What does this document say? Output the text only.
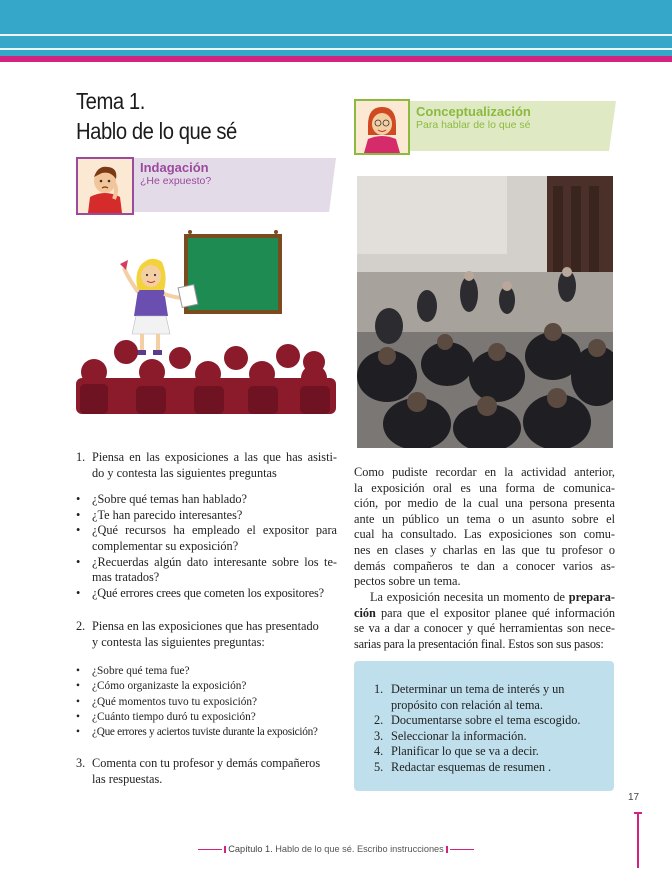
Tema 1.
Hablo de lo que sé
Indagación
¿He expuesto?
1. Piensa en las exposiciones a las que has asisti-
do y contesta las siguientes preguntas
• ¿Sobre qué temas han hablado?
• ¿Te han parecido interesantes?
• ¿Qué recursos ha empleado el expositor para
complementar su exposición?
• ¿Recuerdas algún dato interesante sobre los te-
mas tratados?
• ¿Qué errores crees que cometen los expositores?
2. Piensa en las exposiciones que has presentado
y contesta las siguientes preguntas:
• ¿Sobre qué tema fue?
• ¿Cómo organizaste la exposición?
• ¿Qué momentos tuvo tu exposición?
• ¿Cuánto tiempo duró tu exposición?
• ¿Que errores y aciertos tuviste durante la exposición?
3. Comenta con tu profesor y demás compañeros
las respuestas.
Conceptualización
Para hablar de lo que sé
Como pudiste recordar en la actividad anterior,
la exposición oral es una forma de comunica-
ción, por medio de la cual una persona presenta
ante un público un tema o un asunto sobre el
cual ha consultado. Las exposiciones son comu-
nes en clases y charlas en las que tu profesor o
demás compañeros te dan a conocer varios as-
pectos sobre un tema.
La exposición necesita un momento de prepara-
ción para que el expositor planee qué información
se va a dar a conocer y qué herramientas son nece-
sarias para la presentación final. Estos son sus pasos:
1. Determinar un tema de interés y un
propósito con relación al tema.
2. Documentarse sobre el tema escogido.
3. Seleccionar la información.
4. Planificar lo que se va a decir.
5. Redactar esquemas de resumen .
17
Capítulo 1. Hablo de lo que sé. Escribo instrucciones
